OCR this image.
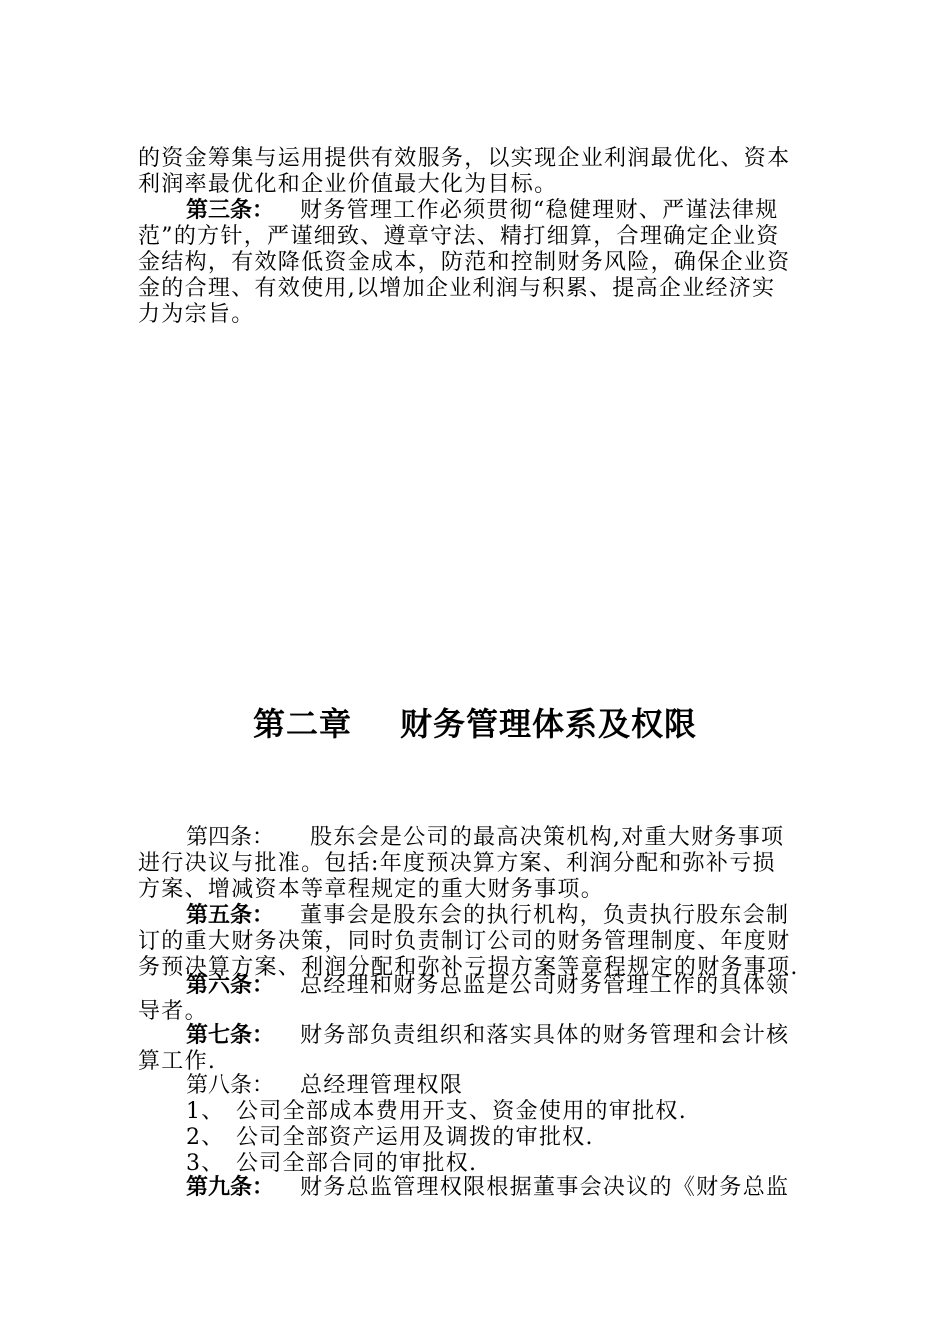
的资金筹集与运用提供有效服务，以实现企业利润最优化、资本
利润率最优化和企业价值最大化为目标。
第三条： 财务管理工作必须贯彻“稳健理财、严谨法律规
范”的方针，严谨细致、遵章守法、精打细算，合理确定企业资
金结构，有效降低资金成本，防范和控制财务风险，确保企业资
金的合理、有效使用,以增加企业利润与积累、提高企业经济实
力为宗旨。
第二章 财务管理体系及权限
第四条： 股东会是公司的最高决策机构,对重大财务事项
进行决议与批准。包括:年度预决算方案、利润分配和弥补亏损
方案、增减资本等章程规定的重大财务事项。
第五条： 董事会是股东会的执行机构，负责执行股东会制
订的重大财务决策，同时负责制订公司的财务管理制度、年度财
务预决算方案、利润分配和弥补亏损方案等章程规定的财务事项.
第六条： 总经理和财务总监是公司财务管理工作的具体领
导者。
第七条： 财务部负责组织和落实具体的财务管理和会计核
算工作.
第八条： 总经理管理权限
1、 公司全部成本费用开支、资金使用的审批权.
2、 公司全部资产运用及调拨的审批权.
3、 公司全部合同的审批权.
第九条： 财务总监管理权限根据董事会决议的《财务总监
